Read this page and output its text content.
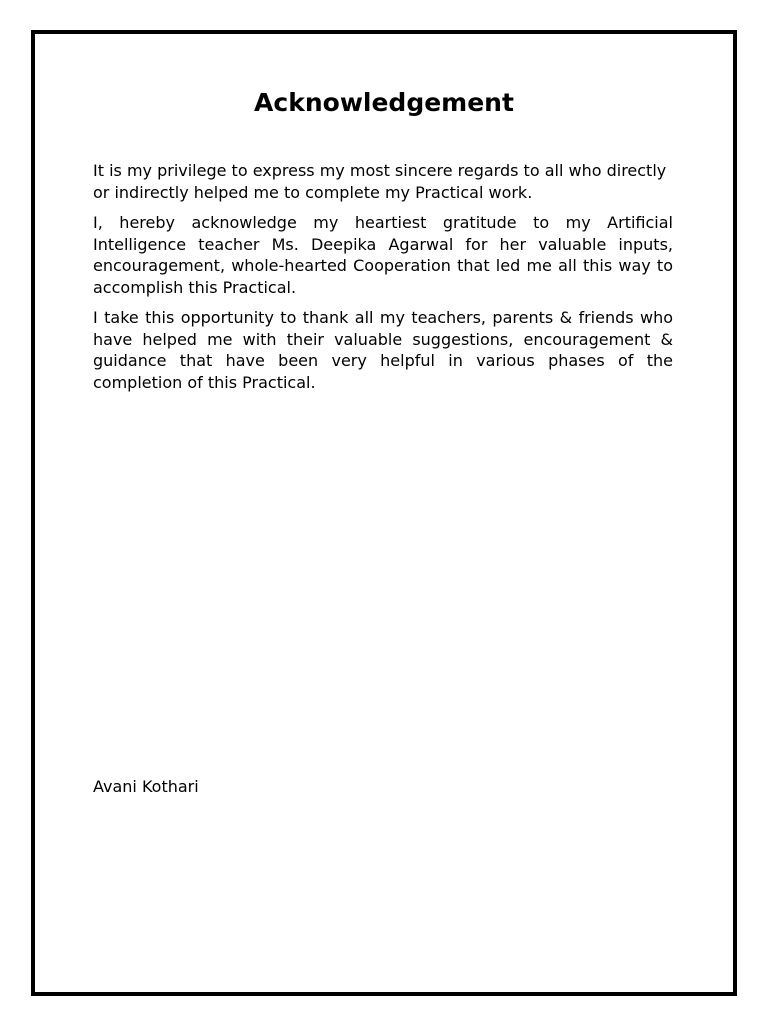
Acknowledgement

It is my privilege to express my most sincere regards to all who directly or indirectly helped me to complete my Practical work.

I, hereby acknowledge my heartiest gratitude to my Artificial Intelligence teacher Ms. Deepika Agarwal for her valuable inputs, encouragement, whole-hearted Cooperation that led me all this way to accomplish this Practical.

I take this opportunity to thank all my teachers, parents & friends who have helped me with their valuable suggestions, encouragement & guidance that have been very helpful in various phases of the completion of this Practical.

Avani Kothari
